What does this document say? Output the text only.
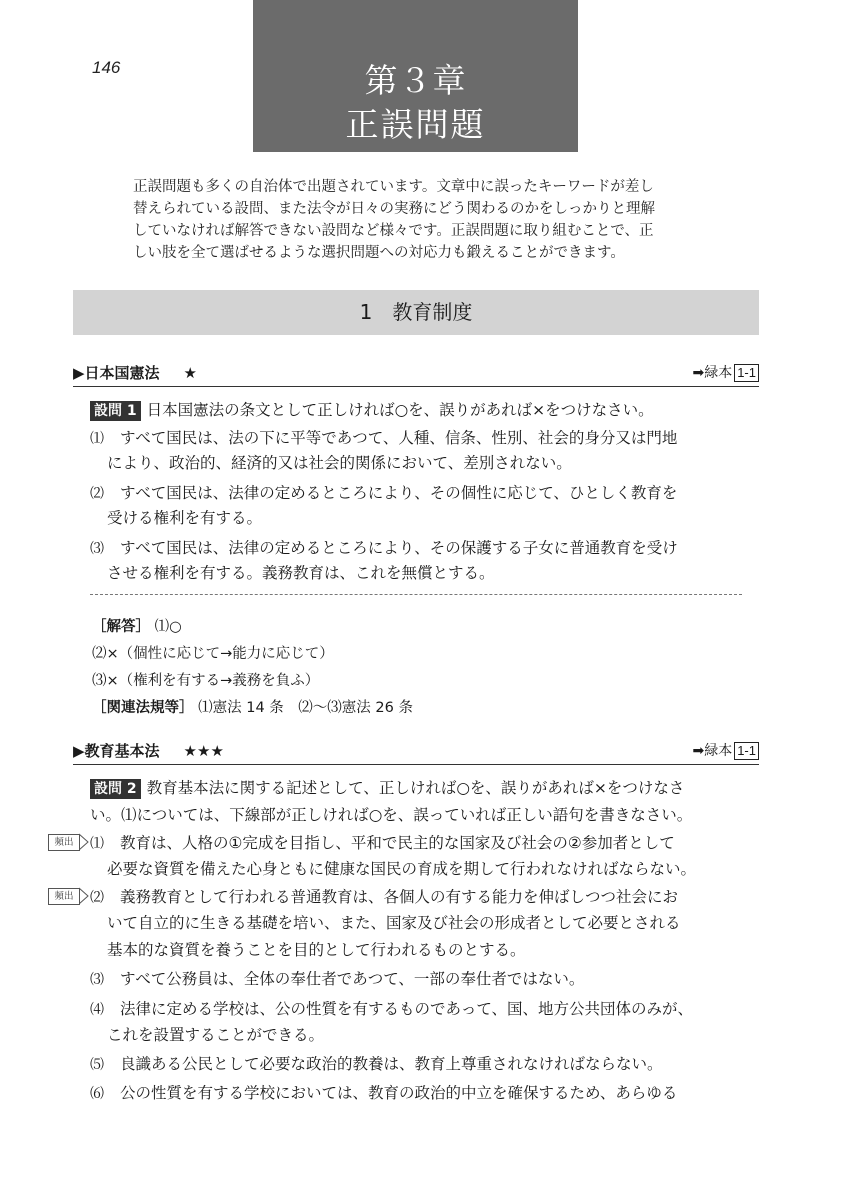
146	第３章
正誤問題

正誤問題も多くの自治体で出題されています。文章中に誤ったキーワードが差し

替えられている設問、また法令が日々の実務にどう関わるのかをしっかりと理解

していなければ解答できない設問など様々です。正誤問題に取り組むことで、正

しい肢を全て選ばせるような選択問題への対応力も鍛えることができます。

1　教育制度
▶日本国憲法 ★	➡緑本 1-1
設問 1 日本国憲法の条文として正しければ○を、誤りがあれば×をつけなさい。
⑴ すべて国民は、法の下に平等であつて、人種、信条、性別、社会的身分又は門地
により、政治的、経済的又は社会的関係において、差別されない。
⑵ すべて国民は、法律の定めるところにより、その個性に応じて、ひとしく教育を
受ける権利を有する。
⑶ すべて国民は、法律の定めるところにより、その保護する子女に普通教育を受け
させる権利を有する。義務教育は、これを無償とする。
［解答］ ⑴○
⑵×（個性に応じて→能力に応じて）
⑶×（権利を有する→義務を負ふ）
［関連法規等］ ⑴憲法 14 条　⑵〜⑶憲法 26 条
▶教育基本法 ★★★	➡緑本 1-1
設問 2 教育基本法に関する記述として、正しければ○を、誤りがあれば×をつけなさ
い。⑴については、下線部が正しければ○を、誤っていれば正しい語句を書きなさい。
頻出	⑴ 教育は、人格の①完成を目指し、平和で民主的な国家及び社会の②参加者として
必要な資質を備えた心身ともに健康な国民の育成を期して行われなければならない。
頻出	⑵ 義務教育として行われる普通教育は、各個人の有する能力を伸ばしつつ社会にお
いて自立的に生きる基礎を培い、また、国家及び社会の形成者として必要とされる
基本的な資質を養うことを目的として行われるものとする。
⑶ すべて公務員は、全体の奉仕者であつて、一部の奉仕者ではない。
⑷ 法律に定める学校は、公の性質を有するものであって、国、地方公共団体のみが、
これを設置することができる。
⑸ 良識ある公民として必要な政治的教養は、教育上尊重されなければならない。
⑹ 公の性質を有する学校においては、教育の政治的中立を確保するため、あらゆる
